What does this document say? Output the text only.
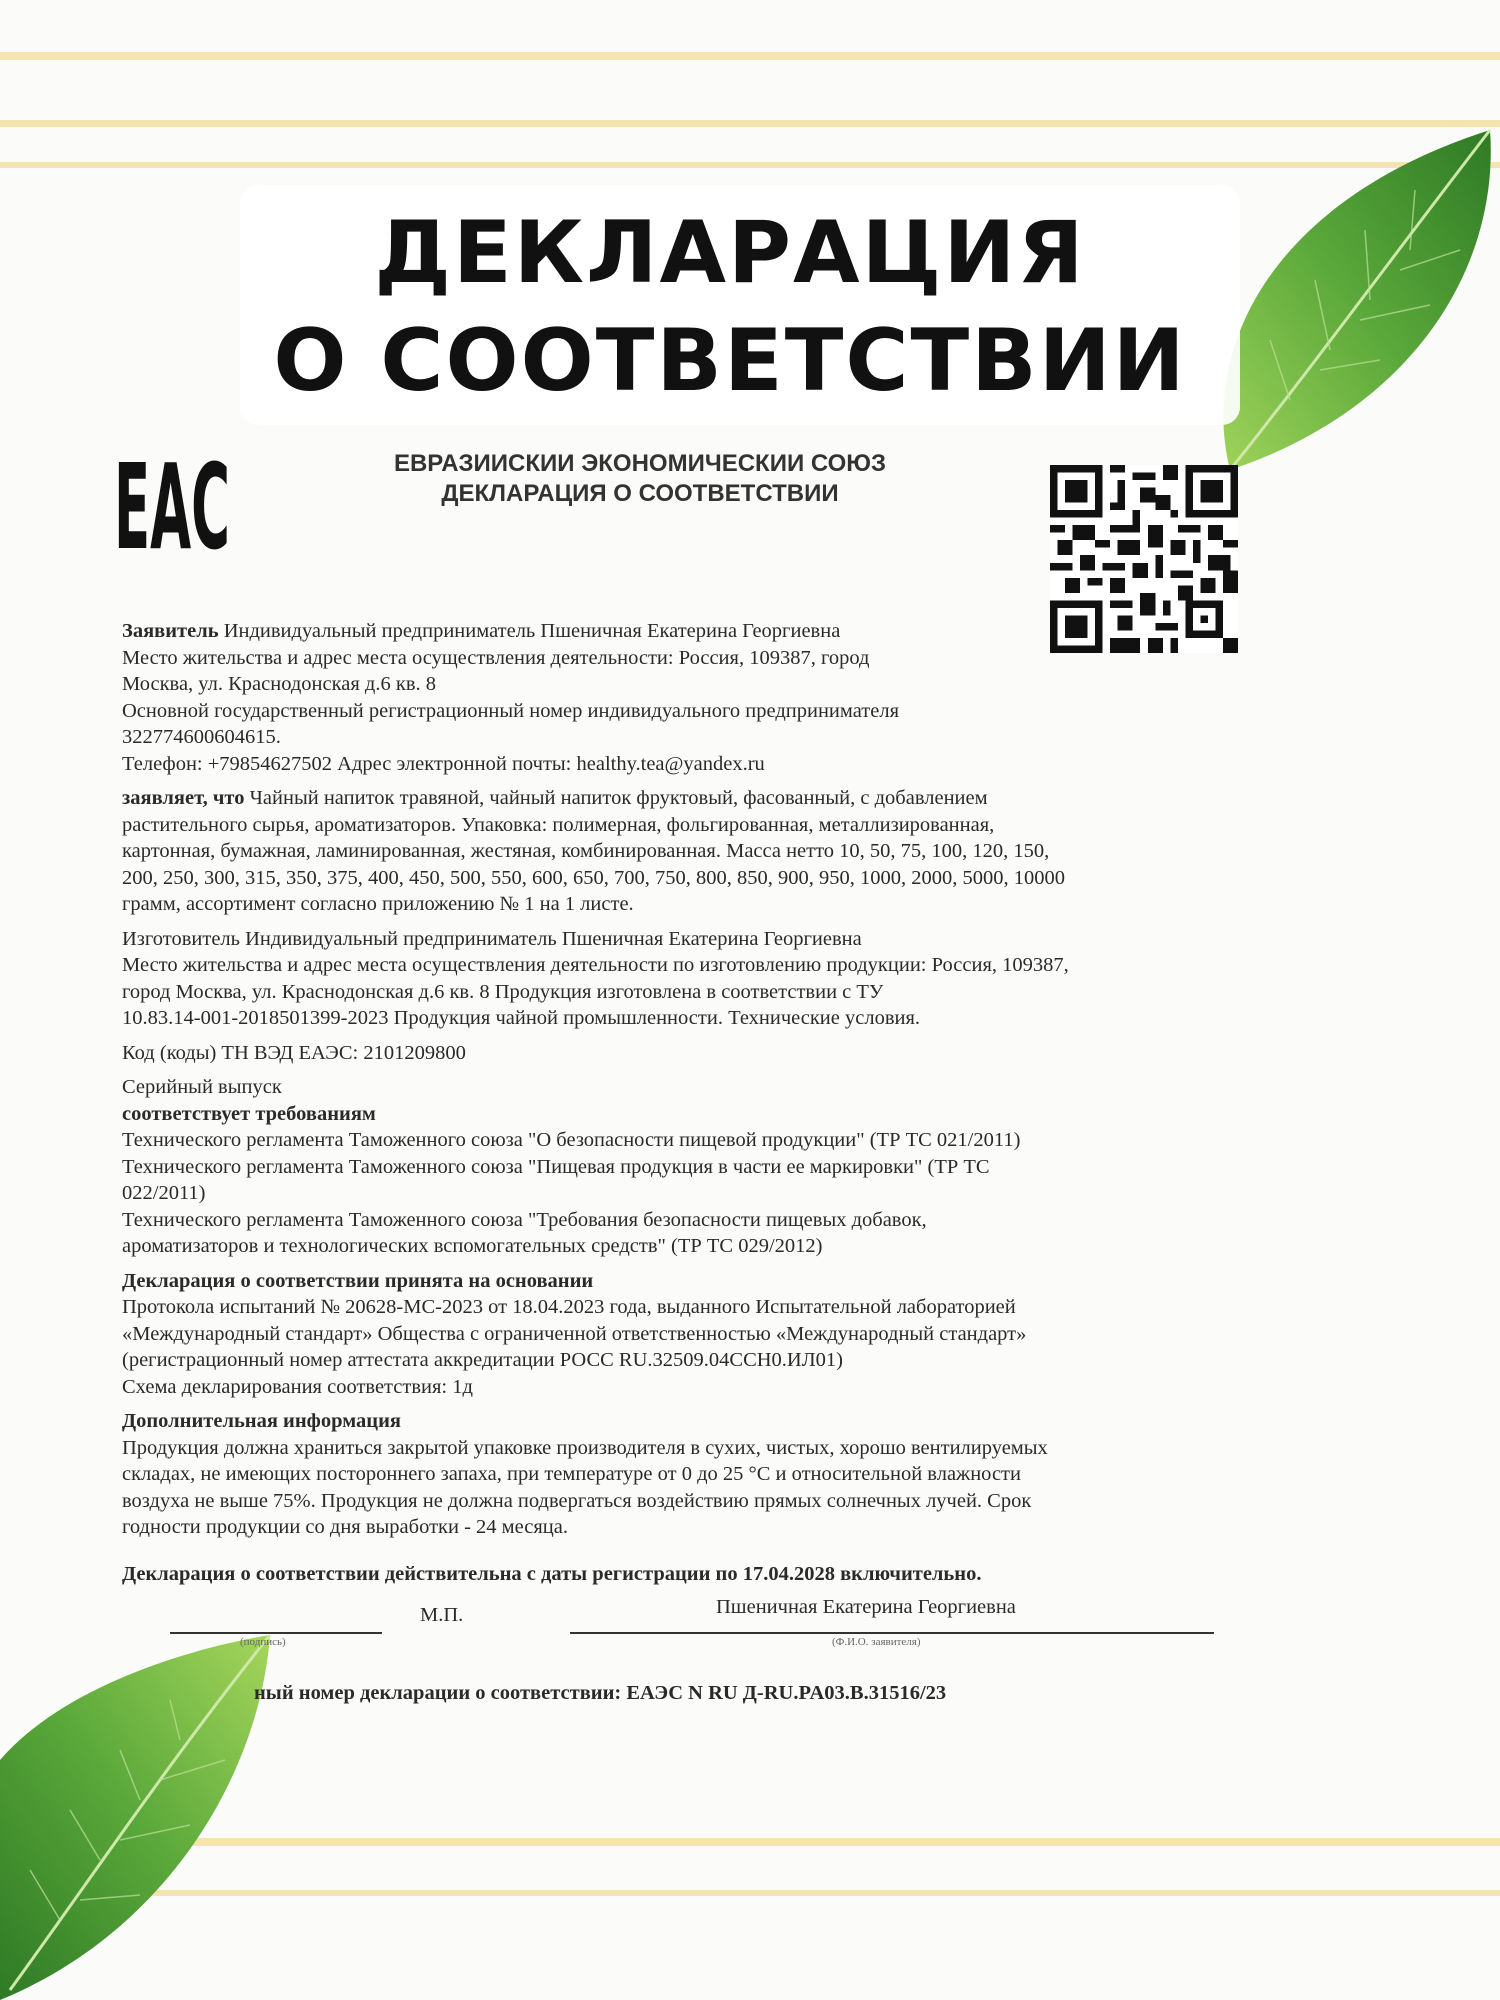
ДЕКЛАРАЦИЯ
О СООТВЕТСТВИИ
EAC	ЕВРАЗИИСКИИ ЭКОНОМИЧЕСКИИ СОЮЗ
ДЕКЛАРАЦИЯ О СООТВЕТСТВИИ

Заявитель Индивидуальный предприниматель Пшеничная Екатерина Георгиевна

Место жительства и адрес места осуществления деятельности: Россия, 109387, город

Москва, ул. Краснодонская д.6 кв. 8

Основной государственный регистрационный номер индивидуального предпринимателя

322774600604615.

Телефон: +79854627502 Адрес электронной почты: healthy.tea@yandex.ru

заявляет, что Чайный напиток травяной, чайный напиток фруктовый, фасованный, с добавлением

растительного сырья, ароматизаторов. Упаковка: полимерная, фольгированная, металлизированная,

картонная, бумажная, ламинированная, жестяная, комбинированная. Масса нетто 10, 50, 75, 100, 120, 150,

200, 250, 300, 315, 350, 375, 400, 450, 500, 550, 600, 650, 700, 750, 800, 850, 900, 950, 1000, 2000, 5000, 10000

грамм, ассортимент согласно приложению № 1 на 1 листе.

Изготовитель Индивидуальный предприниматель Пшеничная Екатерина Георгиевна

Место жительства и адрес места осуществления деятельности по изготовлению продукции: Россия, 109387,

город Москва, ул. Краснодонская д.6 кв. 8 Продукция изготовлена в соответствии с ТУ

10.83.14-001-2018501399-2023 Продукция чайной промышленности. Технические условия.

Код (коды) ТН ВЭД ЕАЭС: 2101209800

Серийный выпуск

соответствует требованиям

Технического регламента Таможенного союза "О безопасности пищевой продукции" (ТР ТС 021/2011)

Технического регламента Таможенного союза "Пищевая продукция в части ее маркировки" (ТР ТС

022/2011)

Технического регламента Таможенного союза "Требования безопасности пищевых добавок,

ароматизаторов и технологических вспомогательных средств" (ТР ТС 029/2012)

Декларация о соответствии принята на основании

Протокола испытаний № 20628-МС-2023 от 18.04.2023 года, выданного Испытательной лабораторией

«Международный стандарт» Общества с ограниченной ответственностью «Международный стандарт»

(регистрационный номер аттестата аккредитации РОСС RU.32509.04ССН0.ИЛ01)

Схема декларирования соответствия: 1д

Дополнительная информация

Продукция должна храниться закрытой упаковке производителя в сухих, чистых, хорошо вентилируемых

складах, не имеющих постороннего запаха, при температуре от 0 до 25 °С и относительной влажности

воздуха не выше 75%. Продукция не должна подвергаться воздействию прямых солнечных лучей. Срок

годности продукции со дня выработки - 24 месяца.

Декларация о соответствии действительна с даты регистрации по 17.04.2028 включительно.

(подпись)
М.П.	Пшеничная Екатерина Георгиевна
(Ф.И.О. заявителя)
ный номер декларации о соответствии: ЕАЭС N RU Д-RU.PA03.B.31516/23
